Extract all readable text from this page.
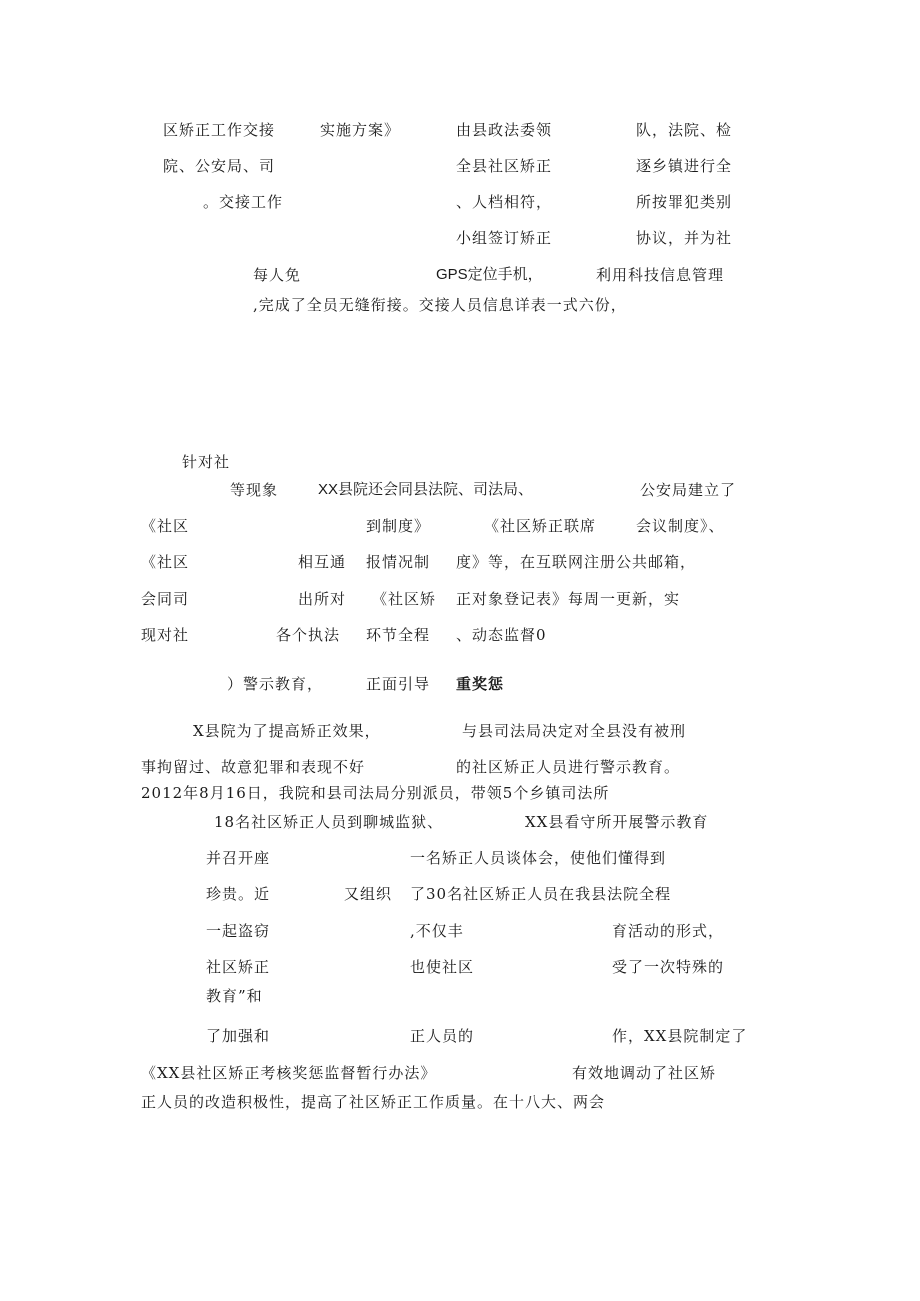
区矫正工作交接	实施方案》	由县政法委领	队，法院、检
院、公安局、司	全县社区矫正	逐乡镇进行全
。交接工作	、人档相符，	所按罪犯类别
小组签订矫正	协议，并为社
每人免	GPS定位手机，	利用科技信息管理
,完成了全员无缝衔接。交接人员信息详表一式六份，
针对社
等现象	XX县院还会同县法院、司法局、	公安局建立了
《社区	到制度》	《社区矫正联席	会议制度》、
《社区	相互通 报情况制 度》等，在互联网注册公共邮箱，
会同司	出所对 《社区矫 正对象登记表》每周一更新，实
现对社	各个执法 环节全程 、动态监督0
）警示教育，	正面引导 重奖惩
X县院为了提高矫正效果，	与县司法局决定对全县没有被刑
事拘留过、故意犯罪和表现不好	的社区矫正人员进行警示教育。
2012年8月16日，我院和县司法局分别派员，带领5个乡镇司法所
18名社区矫正人员到聊城监狱、	XX县看守所开展警示教育
并召开座	一名矫正人员谈体会，使他们懂得到
珍贵。近	又组织 了30名社区矫正人员在我县法院全程
一起盗窃	,不仅丰	育活动的形式，
社区矫正	也使社区	受了一次特殊的
教育”和
了加强和	正人员的	作，XX县院制定了
《XX县社区矫正考核奖惩监督暂行办法》	有效地调动了社区矫
正人员的改造积极性，提高了社区矫正工作质量。在十八大、两会
